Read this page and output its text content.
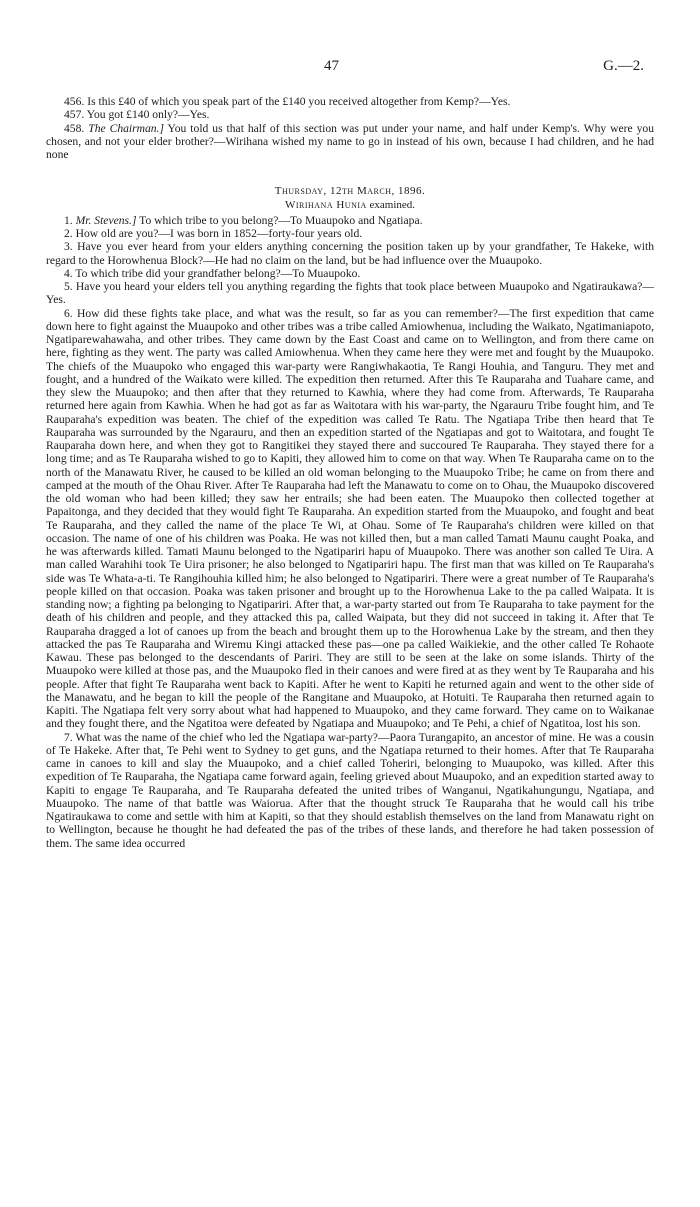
47	G.—2.

456. Is this £40 of which you speak part of the £140 you received altogether from Kemp?—Yes.

457. You got £140 only?—Yes.

458. The Chairman.] You told us that half of this section was put under your name, and half under Kemp's. Why were you chosen, and not your elder brother?—Wirihana wished my name to go in instead of his own, because I had children, and he had none

Thursday, 12th March, 1896.

Wirihana Hunia examined.

1. Mr. Stevens.] To which tribe to you belong?—To Muaupoko and Ngatiapa.

2. How old are you?—I was born in 1852—forty-four years old.

3. Have you ever heard from your elders anything concerning the position taken up by your grandfather, Te Hakeke, with regard to the Horowhenua Block?—He had no claim on the land, but be had influence over the Muaupoko.

4. To which tribe did your grandfather belong?—To Muaupoko.

5. Have you heard your elders tell you anything regarding the fights that took place between Muaupoko and Ngatiraukawa?—Yes.

6. How did these fights take place, and what was the result, so far as you can remember?—The first expedition that came down here to fight against the Muaupoko and other tribes was a tribe called Amiowhenua, including the Waikato, Ngatimaniapoto, Ngatiparewahawaha, and other tribes. They came down by the East Coast and came on to Wellington, and from there came on here, fighting as they went. The party was called Amiowhenua. When they came here they were met and fought by the Muaupoko. The chiefs of the Muaupoko who engaged this war-party were Rangiwhakaotia, Te Rangi Houhia, and Tanguru. They met and fought, and a hundred of the Waikato were killed. The expedition then returned. After this Te Rauparaha and Tuahare came, and they slew the Muaupoko; and then after that they returned to Kawhia, where they had come from. Afterwards, Te Rauparaha returned here again from Kawhia. When he had got as far as Waitotara with his war-party, the Ngarauru Tribe fought him, and Te Rauparaha's expedition was beaten. The chief of the expedition was called Te Ratu. The Ngatiapa Tribe then heard that Te Rauparaha was surrounded by the Ngarauru, and then an expedition started of the Ngatiapas and got to Waitotara, and fought Te Rauparaha down here, and when they got to Rangitikei they stayed there and succoured Te Rauparaha. They stayed there for a long time; and as Te Rauparaha wished to go to Kapiti, they allowed him to come on that way. When Te Rauparaha came on to the north of the Manawatu River, he caused to be killed an old woman belonging to the Muaupoko Tribe; he came on from there and camped at the mouth of the Ohau River. After Te Rauparaha had left the Manawatu to come on to Ohau, the Muaupoko discovered the old woman who had been killed; they saw her entrails; she had been eaten. The Muaupoko then collected together at Papaitonga, and they decided that they would fight Te Rauparaha. An expedition started from the Muaupoko, and fought and beat Te Rauparaha, and they called the name of the place Te Wi, at Ohau. Some of Te Rauparaha's children were killed on that occasion. The name of one of his children was Poaka. He was not killed then, but a man called Tamati Maunu caught Poaka, and he was afterwards killed. Tamati Maunu belonged to the Ngatipariri hapu of Muaupoko. There was another son called Te Uira. A man called Warahihi took Te Uira prisoner; he also belonged to Ngatipariri hapu. The first man that was killed on Te Rauparaha's side was Te Whata-a-ti. Te Rangihouhia killed him; he also belonged to Ngatipariri. There were a great number of Te Rauparaha's people killed on that occasion. Poaka was taken prisoner and brought up to the Horowhenua Lake to the pa called Waipata. It is standing now; a fighting pa belonging to Ngatipariri. After that, a war-party started out from Te Rauparaha to take payment for the death of his children and people, and they attacked this pa, called Waipata, but they did not succeed in taking it. After that Te Rauparaha dragged a lot of canoes up from the beach and brought them up to the Horowhenua Lake by the stream, and then they attacked the pas Te Rauparaha and Wiremu Kingi attacked these pas—one pa called Waikiekie, and the other called Te Rohaote Kawau. These pas belonged to the descendants of Pariri. They are still to be seen at the lake on some islands. Thirty of the Muaupoko were killed at those pas, and the Muaupoko fled in their canoes and were fired at as they went by Te Rauparaha and his people. After that fight Te Rauparaha went back to Kapiti. After he went to Kapiti he returned again and went to the other side of the Manawatu, and he began to kill the people of the Rangitane and Muaupoko, at Hotuiti. Te Rauparaha then returned again to Kapiti. The Ngatiapa felt very sorry about what had happened to Muaupoko, and they came forward. They came on to Waikanae and they fought there, and the Ngatitoa were defeated by Ngatiapa and Muaupoko; and Te Pehi, a chief of Ngatitoa, lost his son.

7. What was the name of the chief who led the Ngatiapa war-party?—Paora Turangapito, an ancestor of mine. He was a cousin of Te Hakeke. After that, Te Pehi went to Sydney to get guns, and the Ngatiapa returned to their homes. After that Te Rauparaha came in canoes to kill and slay the Muaupoko, and a chief called Toheriri, belonging to Muaupoko, was killed. After this expedition of Te Rauparaha, the Ngatiapa came forward again, feeling grieved about Muaupoko, and an expedition started away to Kapiti to engage Te Rauparaha, and Te Rauparaha defeated the united tribes of Wanganui, Ngatikahungungu, Ngatiapa, and Muaupoko. The name of that battle was Waiorua. After that the thought struck Te Rauparaha that he would call his tribe Ngatiraukawa to come and settle with him at Kapiti, so that they should establish themselves on the land from Manawatu right on to Wellington, because he thought he had defeated the pas of the tribes of these lands, and therefore he had taken possession of them. The same idea occurred
